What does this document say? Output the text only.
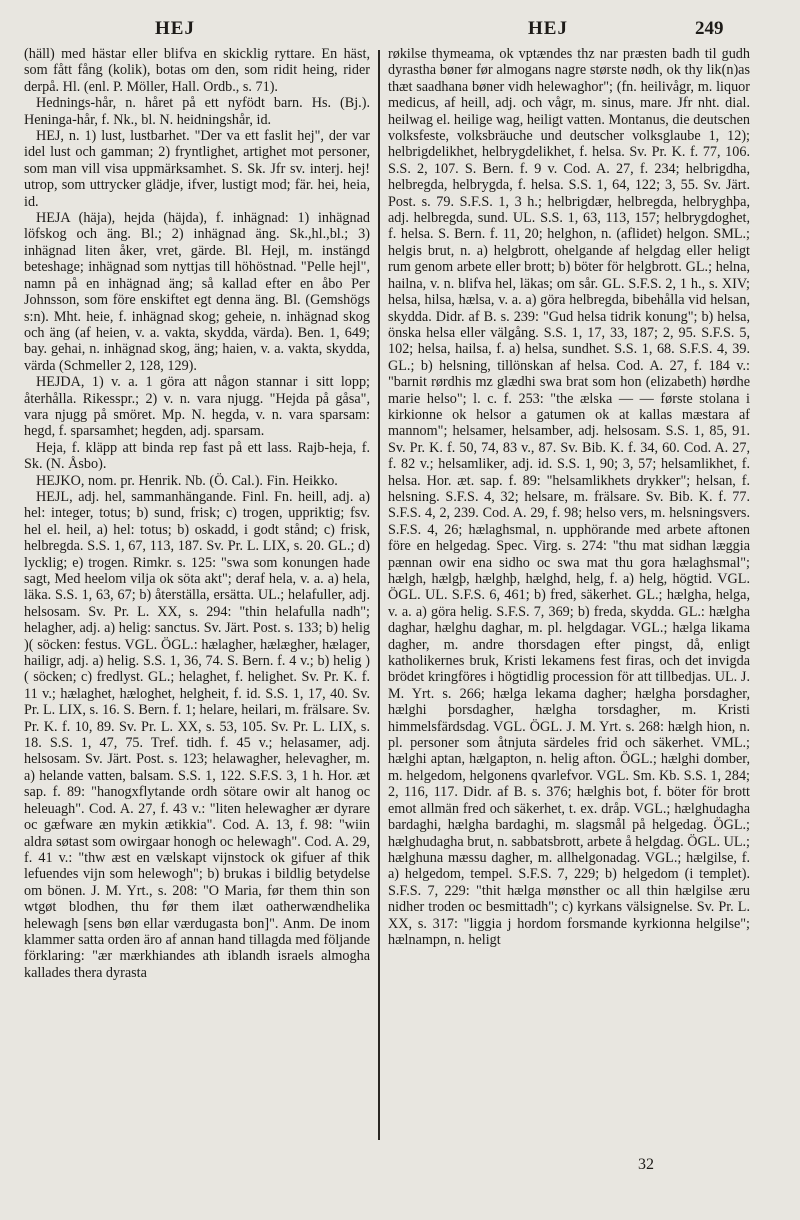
HEJ	HEJ	249

(häll) med hästar eller blifva en skicklig ryttare. En häst, som fått fång (kolik), botas om den, som ridit heing, rider derpå. Hl. (enl. P. Möller, Hall. Ordb., s. 71).

Hednings-hår, n. håret på ett nyfödt barn. Hs. (Bj.). Heninga-hår, f. Nk., bl. N. heidningshår, id.

HEJ, n. 1) lust, lustbarhet. "Der va ett faslit hej", der var idel lust och gamman; 2) fryntlighet, artighet mot personer, som man vill visa uppmärksamhet. S. Sk. Jfr sv. interj. hej! utrop, som uttrycker glädje, ifver, lustigt mod; fär. hei, heia, id.

HEJA (häja), hejda (häjda), f. inhägnad: 1) inhägnad löfskog och äng. Bl.; 2) inhägnad äng. Sk.,hl.,bl.; 3) inhägnad liten åker, vret, gärde. Bl. Hejl, m. instängd beteshage; inhägnad som nyttjas till höhöstnad. "Pelle hejl", namn på en inhägnad äng; så kallad efter en åbo Per Johnsson, som före enskiftet egt denna äng. Bl. (Gemshögs s:n). Mht. heie, f. inhägnad skog; geheie, n. inhägnad skog och äng (af heien, v. a. vakta, skydda, värda). Ben. 1, 649; bay. gehai, n. inhägnad skog, äng; haien, v. a. vakta, skydda, värda (Schmeller 2, 128, 129).

HEJDA, 1) v. a. 1 göra att någon stannar i sitt lopp; återhålla. Rikesspr.; 2) v. n. vara njugg. "Hejda på gåsa", vara njugg på smöret. Mp. N. hegda, v. n. vara sparsam: hegd, f. sparsamhet; hegden, adj. sparsam.

Heja, f. kläpp att binda rep fast på ett lass. Rajb-heja, f. Sk. (N. Åsbo).

HEJKO, nom. pr. Henrik. Nb. (Ö. Cal.). Fin. Heikko.

HEJL, adj. hel, sammanhängande. Finl. Fn. heill, adj. a) hel: integer, totus; b) sund, frisk; c) trogen, uppriktig; fsv. hel el. heil, a) hel: totus; b) oskadd, i godt stånd; c) frisk, helbregda. S.S. 1, 67, 113, 187. Sv. Pr. L. LIX, s. 20. GL.; d) lycklig; e) trogen. Rimkr. s. 125: "swa som konungen hade sagt, Med heelom vilja ok söta akt"; deraf hela, v. a. a) hela, läka. S.S. 1, 63, 67; b) återställa, ersätta. UL.; helafuller, adj. helsosam. Sv. Pr. L. XX, s. 294: "thin helafulla nadh"; helagher, adj. a) helig: sanctus. Sv. Järt. Post. s. 133; b) helig )( söcken: festus. VGL. ÖGL.: hælagher, hælægher, hælager, hailigr, adj. a) helig. S.S. 1, 36, 74. S. Bern. f. 4 v.; b) helig )( söcken; c) fredlyst. GL.; helaghet, f. helighet. Sv. Pr. K. f. 11 v.; hælaghet, hæloghet, helgheit, f. id. S.S. 1, 17, 40. Sv. Pr. L. LIX, s. 16. S. Bern. f. 1; helare, heilari, m. frälsare. Sv. Pr. K. f. 10, 89. Sv. Pr. L. XX, s. 53, 105. Sv. Pr. L. LIX, s. 18. S.S. 1, 47, 75. Tref. tidh. f. 45 v.; helasamer, adj. helsosam. Sv. Järt. Post. s. 123; helawagher, helevagher, m. a) helande vatten, balsam. S.S. 1, 122. S.F.S. 3, 1 h. Hor. æt sap. f. 89: "hanogxflytande ordh sötare owir alt hanog oc heleuagh". Cod. A. 27, f. 43 v.: "liten helewagher ær dyrare oc gæfware æn mykin ætikkia". Cod. A. 13, f. 98: "wiin aldra søtast som owirgaar honogh oc helewagh". Cod. A. 29, f. 41 v.: "thw æst en vælskapt vijnstock ok gifuer af thik lefuendes vijn som helewogh"; b) brukas i bildlig betydelse om bönen. J. M. Yrt., s. 208: "O Maria, før them thin son wtgøt blodhen, thu før them ilæt oatherwændhelika helewagh [sens bøn ellar værdugasta bon]". Anm. De inom klammer satta orden äro af annan hand tillagda med följande förklaring: "ær mærkhiandes ath iblandh israels almogha kallades thera dyrasta

røkilse thymeama, ok vptændes thz nar præsten badh til gudh dyrastha bøner før almogans nagre største nødh, ok thy lik(n)as thæt saadhana bøner vidh helewaghor"; (fn. heilivågr, m. liquor medicus, af heill, adj. och vågr, m. sinus, mare. Jfr nht. dial. heilwag el. heilige wag, heiligt vatten. Montanus, die deutschen volksfeste, volksbräuche und deutscher volksglaube 1, 12); helbrigdelikhet, helbrygdelikhet, f. helsa. Sv. Pr. K. f. 77, 106. S.S. 2, 107. S. Bern. f. 9 v. Cod. A. 27, f. 234; helbrigdha, helbregda, helbrygda, f. helsa. S.S. 1, 64, 122; 3, 55. Sv. Järt. Post. s. 79. S.F.S. 1, 3 h.; helbrigdær, helbregda, helbryghþa, adj. helbregda, sund. UL. S.S. 1, 63, 113, 157; helbrygdoghet, f. helsa. S. Bern. f. 11, 20; helghon, n. (aflidet) helgon. SML.; helgis brut, n. a) helgbrott, ohelgande af helgdag eller heligt rum genom arbete eller brott; b) böter för helgbrott. GL.; helna, hailna, v. n. blifva hel, läkas; om sår. GL. S.F.S. 2, 1 h., s. XIV; helsa, hilsa, hælsa, v. a. a) göra helbregda, bibehålla vid helsan, skydda. Didr. af B. s. 239: "Gud helsa tidrik konung"; b) helsa, önska helsa eller välgång. S.S. 1, 17, 33, 187; 2, 95. S.F.S. 5, 102; helsa, hailsa, f. a) helsa, sundhet. S.S. 1, 68. S.F.S. 4, 39. GL.; b) helsning, tillönskan af helsa. Cod. A. 27, f. 184 v.: "barnit rørdhis mz glædhi swa brat som hon (elizabeth) hørdhe marie helso"; l. c. f. 253: "the ælska — — første stolana i kirkionne ok helsor a gatumen ok at kallas mæstara af mannom"; helsamer, helsamber, adj. helsosam. S.S. 1, 85, 91. Sv. Pr. K. f. 50, 74, 83 v., 87. Sv. Bib. K. f. 34, 60. Cod. A. 27, f. 82 v.; helsamliker, adj. id. S.S. 1, 90; 3, 57; helsamlikhet, f. helsa. Hor. æt. sap. f. 89: "helsamlikhets drykker"; helsan, f. helsning. S.F.S. 4, 32; helsare, m. frälsare. Sv. Bib. K. f. 77. S.F.S. 4, 2, 239. Cod. A. 29, f. 98; helso vers, m. helsningsvers. S.F.S. 4, 26; hælaghsmal, n. upphörande med arbete aftonen före en helgedag. Spec. Virg. s. 274: "thu mat sidhan læggia pænnan owir ena sidho oc swa mat thu gora hælaghsmal"; hælgh, hælgþ, hælghþ, hælghd, helg, f. a) helg, högtid. VGL. ÖGL. UL. S.F.S. 6, 461; b) fred, säkerhet. GL.; hælgha, helga, v. a. a) göra helig. S.F.S. 7, 369; b) freda, skydda. GL.: hælgha daghar, hælghu daghar, m. pl. helgdagar. VGL.; hælga likama dagher, m. andre thorsdagen efter pingst, då, enligt katholikernes bruk, Kristi lekamens fest firas, och det invigda brödet kringföres i högtidlig procession för att tillbedjas. UL. J. M. Yrt. s. 266; hælga lekama dagher; hælgha þorsdagher, hælghi þorsdagher, hælgha torsdagher, m. Kristi himmelsfärdsdag. VGL. ÖGL. J. M. Yrt. s. 268: hælgh hion, n. pl. personer som åtnjuta särdeles frid och säkerhet. VML.; hælghi aptan, hælgapton, n. helig afton. ÖGL.; hælghi domber, m. helgedom, helgonens qvarlefvor. VGL. Sm. Kb. S.S. 1, 284; 2, 116, 117. Didr. af B. s. 376; hælghis bot, f. böter för brott emot allmän fred och säkerhet, t. ex. dråp. VGL.; hælghudagha bardaghi, hælgha bardaghi, m. slagsmål på helgedag. ÖGL.; hælghudagha brut, n. sabbatsbrott, arbete å helgdag. ÖGL. UL.; hælghuna mæssu dagher, m. allhelgonadag. VGL.; hælgilse, f. a) helgedom, tempel. S.F.S. 7, 229; b) helgedom (i templet). S.F.S. 7, 229: "thit hælga mønsther oc all thin hælgilse æru nidher troden oc besmittadh"; c) kyrkans välsignelse. Sv. Pr. L. XX, s. 317: "liggia j hordom forsmande kyrkionna helgilse"; hælnampn, n. heligt

32
